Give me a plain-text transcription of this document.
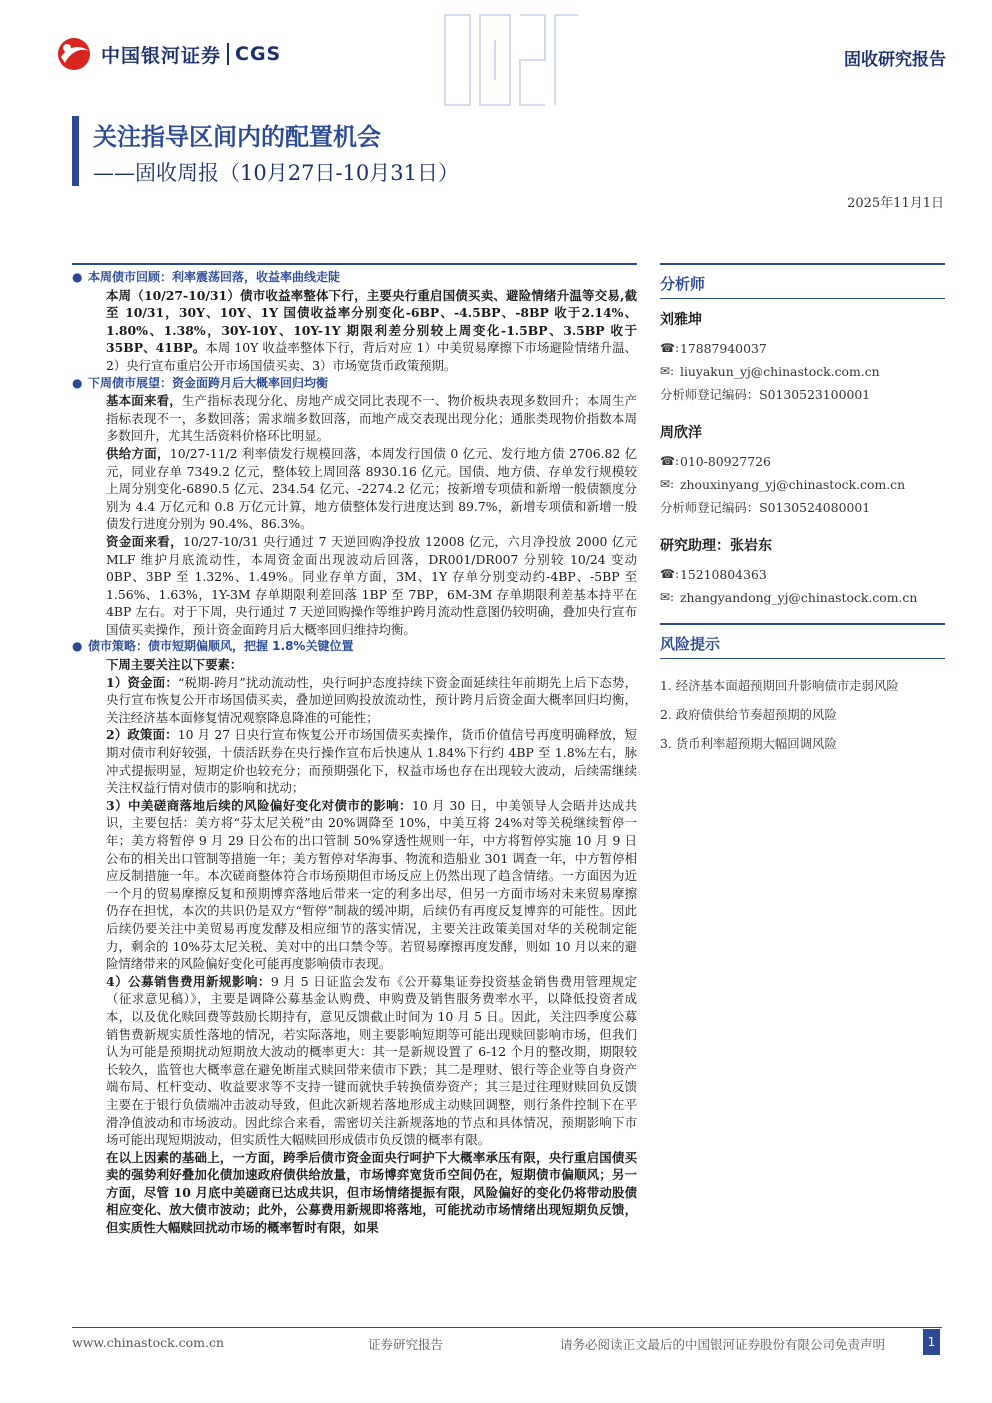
中国银河证券 CGS	固收研究报告
关注指导区间内的配置机会
——固收周报（10月27日-10月31日）
2025年11月1日

● 本周债市回顾：利率震荡回落，收益率曲线走陡

本周（10/27-10/31）债市收益率整体下行，主要央行重启国债买卖、避险情绪升温等交易,截至 10/31，30Y、10Y、1Y 国债收益率分别变化-6BP、-4.5BP、-8BP 收于2.14%、1.80%、1.38%，30Y-10Y、10Y-1Y 期限利差分别较上周变化-1.5BP、3.5BP 收于 35BP、41BP。本周 10Y 收益率整体下行，背后对应 1）中美贸易摩擦下市场避险情绪升温、2）央行宣布重启公开市场国债买卖、3）市场宽货币政策预期。

● 下周债市展望：资金面跨月后大概率回归均衡

基本面来看，生产指标表现分化、房地产成交同比表现不一、物价板块表现多数回升；本周生产指标表现不一，多数回落；需求端多数回落，而地产成交表现出现分化；通胀类现物价指数本周多数回升，尤其生活资料价格环比明显。

供给方面，10/27-11/2 利率债发行规模回落，本周发行国债 0 亿元、发行地方债 2706.82 亿元，同业存单 7349.2 亿元，整体较上周回落 8930.16 亿元。国债、地方债、存单发行规模较上周分别变化-6890.5 亿元、234.54 亿元、-2274.2 亿元；按新增专项债和新增一般债额度分别为 4.4 万亿元和 0.8 万亿元计算，地方债整体发行进度达到 89.7%，新增专项债和新增一般债发行进度分别为 90.4%、86.3%。

资金面来看，10/27-10/31 央行通过 7 天逆回购净投放 12008 亿元，六月净投放 2000 亿元 MLF 维护月底流动性，本周资金面出现波动后回落，DR001/DR007 分别较 10/24 变动 0BP、3BP 至 1.32%、1.49%。同业存单方面，3M、1Y 存单分别变动约-4BP、-5BP 至 1.56%、1.63%，1Y-3M 存单期限利差回落 1BP 至 7BP，6M-3M 存单期限利差基本持平在 4BP 左右。对于下周，央行通过 7 天逆回购操作等维护跨月流动性意图仍较明确，叠加央行宣布国债买卖操作，预计资金面跨月后大概率回归维持均衡。

● 债市策略：债市短期偏顺风，把握 1.8%关键位置

下周主要关注以下要素：

1）资金面：“税期-跨月”扰动流动性，央行呵护态度持续下资金面延续往年前期先上后下态势，央行宣布恢复公开市场国债买卖，叠加逆回购投放流动性，预计跨月后资金面大概率回归均衡，关注经济基本面修复情况观察降息降准的可能性；

2）政策面：10 月 27 日央行宣布恢复公开市场国债买卖操作，货币价值信号再度明确释放，短期对债市利好较强，十债活跃券在央行操作宣布后快速从 1.84%下行约 4BP 至 1.8%左右，脉冲式提振明显，短期定价也较充分；而预期强化下，权益市场也存在出现较大波动，后续需继续关注权益行情对债市的影响和扰动；

3）中美磋商落地后续的风险偏好变化对债市的影响：10 月 30 日，中美领导人会晤并达成共识，主要包括：美方将“芬太尼关税”由 20%调降至 10%，中美互将 24%对等关税继续暂停一年；美方将暂停 9 月 29 日公布的出口管制 50%穿透性规则一年，中方将暂停实施 10 月 9 日公布的相关出口管制等措施一年；美方暂停对华海事、物流和造船业 301 调查一年，中方暂停相应反制措施一年。本次磋商整体符合市场预期但市场反应上仍然出现了趋含情绪。一方面因为近一个月的贸易摩擦反复和预期博弈落地后带来一定的利多出尽，但另一方面市场对未来贸易摩擦仍存在担忧，本次的共识仍是双方“暂停”制裁的缓冲期，后续仍有再度反复博弈的可能性。因此后续仍要关注中美贸易再度发酵及相应细节的落实情况，主要关注政策美国对华的关税制定能力，剩余的 10%芬太尼关税、美对中的出口禁令等。若贸易摩擦再度发酵，则如 10 月以来的避险情绪带来的风险偏好变化可能再度影响债市表现。

4）公募销售费用新规影响：9 月 5 日证监会发布《公开募集证券投资基金销售费用管理规定（征求意见稿）》，主要是调降公募基金认购费、申购费及销售服务费率水平，以降低投资者成本，以及优化赎回费等鼓励长期持有，意见反馈截止时间为 10 月 5 日。因此，关注四季度公募销售费新规实质性落地的情况，若实际落地，则主要影响短期等可能出现赎回影响市场，但我们认为可能是预期扰动短期放大波动的概率更大：其一是新规设置了 6-12 个月的整改期，期限较长较久，监管也大概率意在避免断崖式赎回带来债市下跌；其二是理财、银行等企业等自身资产端布局、杠杆变动、收益要求等不支持一键而就快手转换债券资产；其三是过往理财赎回负反馈主要在于银行负债端冲击波动导致，但此次新规若落地形成主动赎回调整，则行条件控制下在平滑净值波动和市场波动。因此综合来看，需密切关注新规落地的节点和具体情况，预期影响下市场可能出现短期波动，但实质性大幅赎回形成债市负反馈的概率有限。

在以上因素的基础上，一方面，跨季后债市资金面央行呵护下大概率承压有限，央行重启国债买卖的强势利好叠加化债加速政府债供给放量，市场博弈宽货币空间仍在，短期债市偏顺风；另一方面，尽管 10 月底中美磋商已达成共识，但市场情绪提振有限，风险偏好的变化仍将带动股债相应变化、放大债市波动；此外，公募费用新规即将落地，可能扰动市场情绪出现短期负反馈，但实质性大幅赎回扰动市场的概率暂时有限，如果

分析师
刘雅坤
☎: 17887940037
✉: liuyakun_yj@chinastock.com.cn
分析师登记编码：S0130523100001
周欣洋
☎: 010-80927726
✉: zhouxinyang_yj@chinastock.com.cn
分析师登记编码：S0130524080001
研究助理：张岩东
☎: 15210804363
✉: zhangyandong_yj@chinastock.com.cn
风险提示
1. 经济基本面超预期回升影响债市走弱风险
2. 政府债供给节奏超预期的风险
3. 货币利率超预期大幅回调风险
www.chinastock.com.cn	证券研究报告	请务必阅读正文最后的中国银河证券股份有限公司免责声明	1
